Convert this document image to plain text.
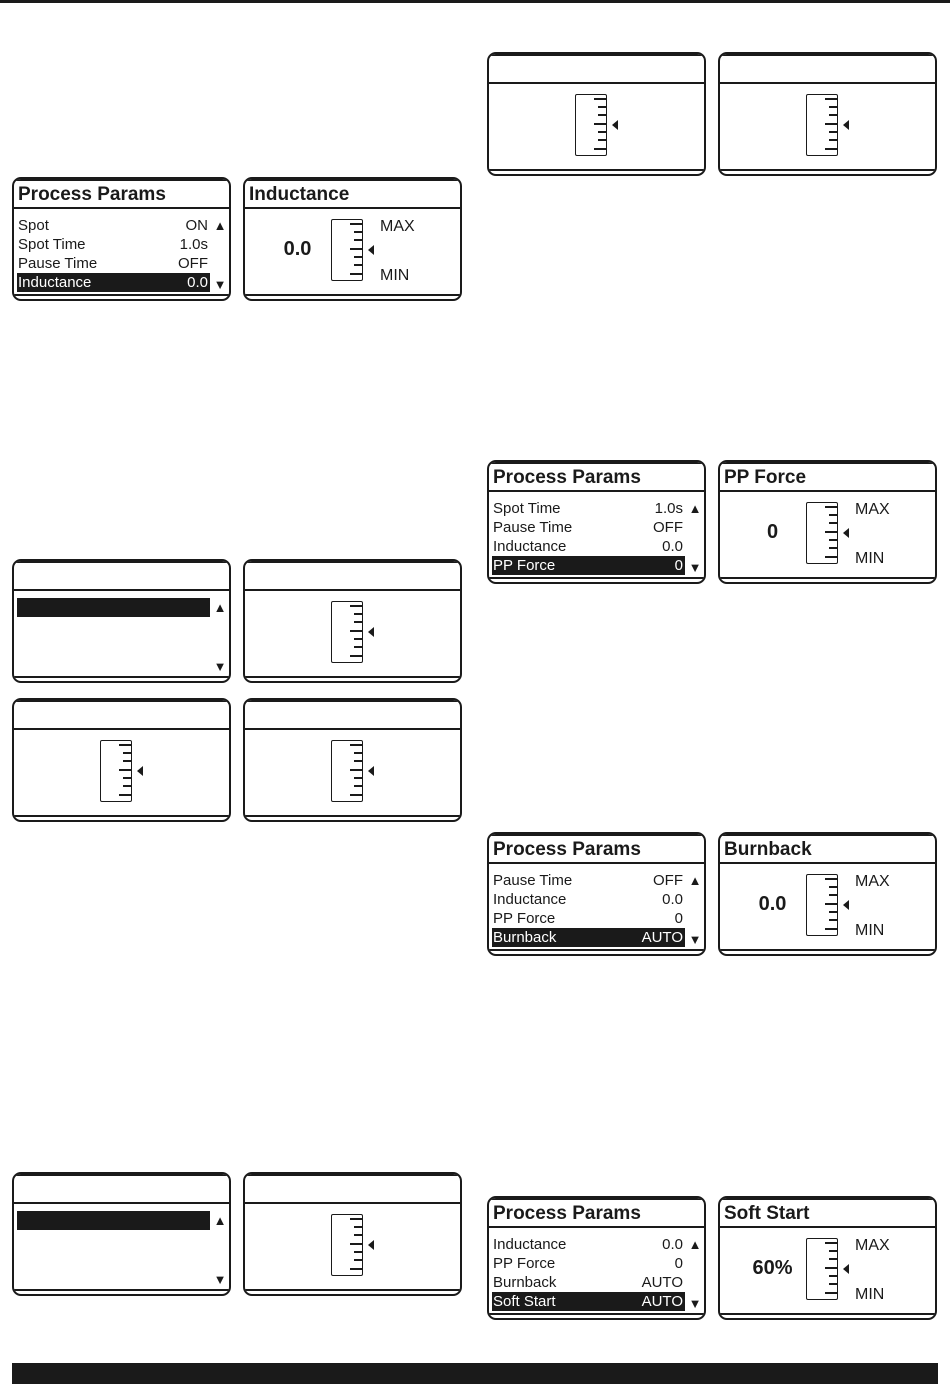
Process Params
Spot	ON
Spot Time	1.0s
Pause Time	OFF
Inductance	0.0
▲
▼
Inductance
0.0
MAX
MIN
Process Params
Spot Time	1.0s
Pause Time	OFF
Inductance	0.0
PP Force	0
▲
▼
PP Force
0
MAX
MIN
Process Params
Pause Time	OFF
Inductance	0.0
PP Force	0
Burnback	AUTO
▲
▼
Burnback
0.0
MAX
MIN
Process Params
Inductance	0.0
PP Force	0
Burnback	AUTO
Soft Start	AUTO
▲
▼
Soft Start
60%
MAX
MIN
▲
▼
▲
▼
